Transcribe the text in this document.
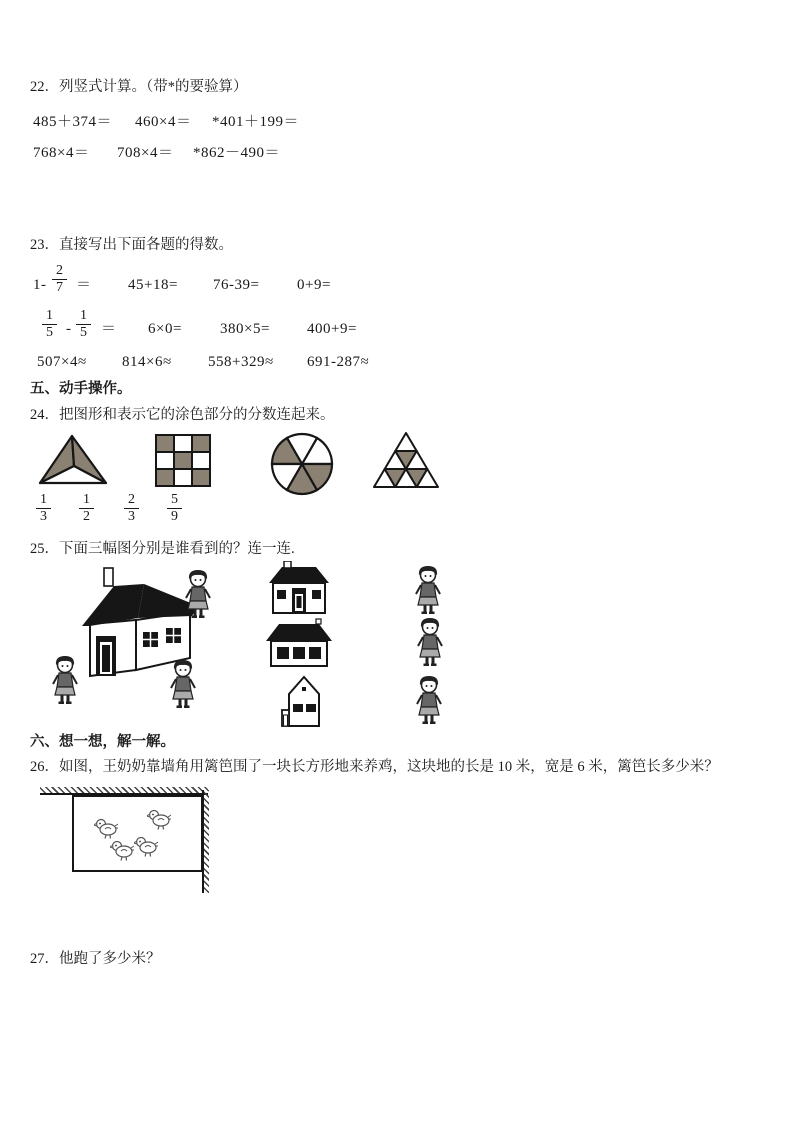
22．列竖式计算。（带*的要验算）
485＋374＝ 460×4＝ *401＋199＝
768×4＝ 708×4＝ *862－490＝
23．直接写出下面各题的得数。
$1- \frac{2}{7} = 45+18= 76-39=$	0+9=
$\frac{1}{5} - \frac{1}{5} = 6\times 0=$	380×5= 400+9=
507×4≈ 814×6≈ 558+329≈ 691-287≈
五、动手操作。
24．把图形和表示它的涂色部分的分数连起来。
$\frac{1}{3} \frac{1}{2} \frac{2}{3} \frac{5}{9}$
25．下面三幅图分别是谁看到的？连一连.
六、想一想，解一解。
26．如图，王奶奶靠墙角用篱笆围了一块长方形地来养鸡，这块地的长是 10 米，宽是 6 米，篱笆长多少米？
27．他跑了多少米？
